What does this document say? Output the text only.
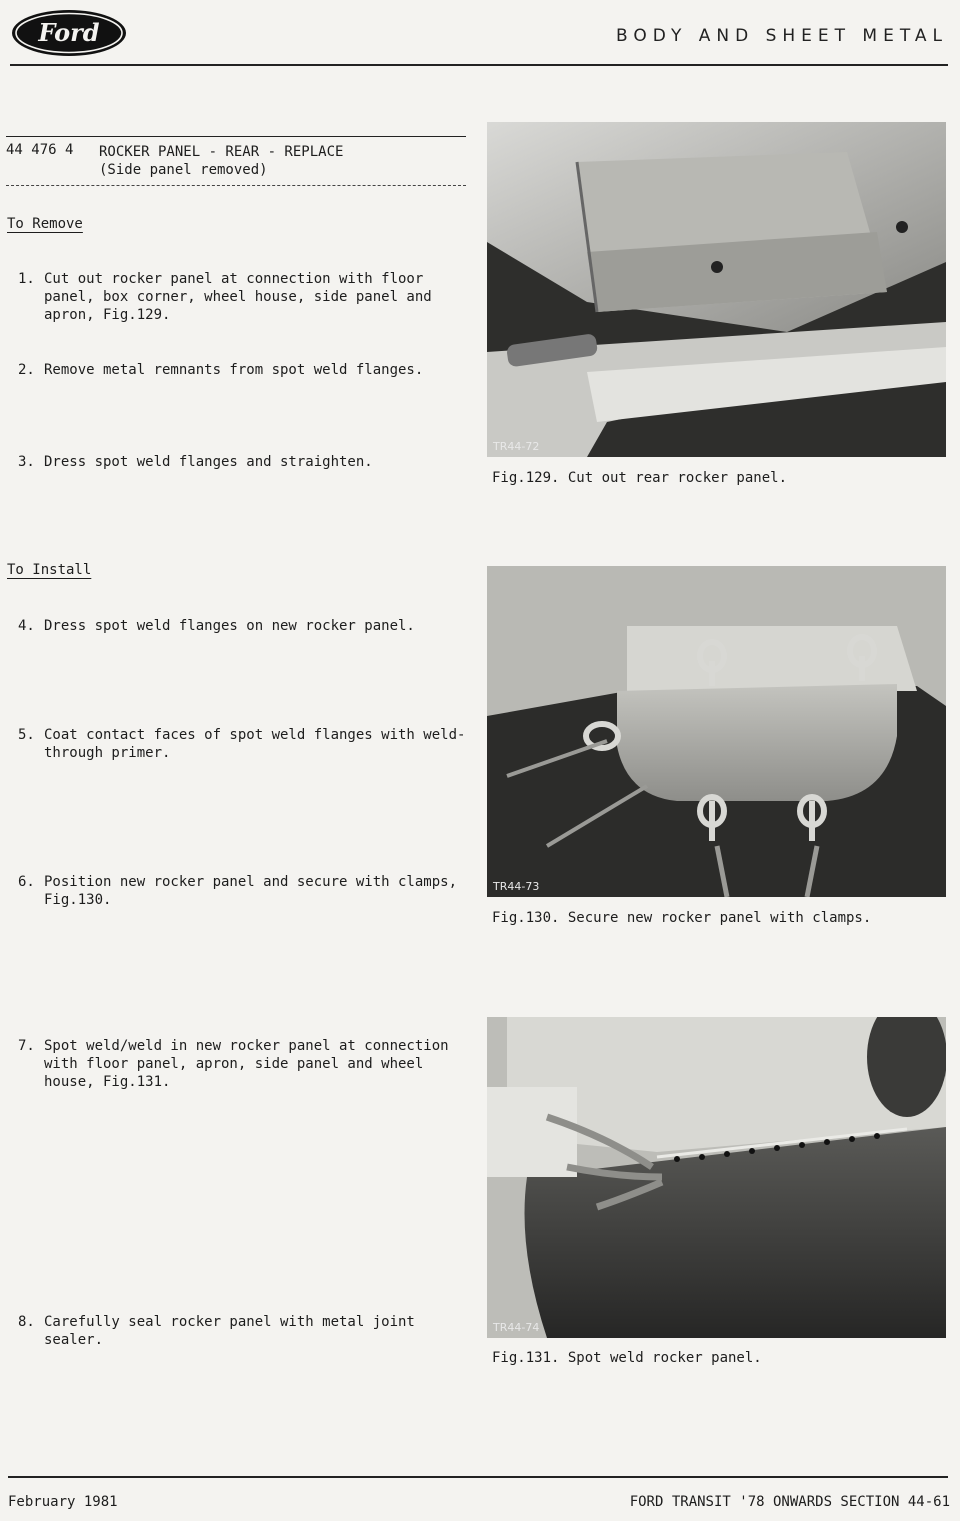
Ford	BODY AND SHEET METAL
44 476 4 ROCKER PANEL - REAR - REPLACE
(Side panel removed)
To Remove
1. Cut out rocker panel at connection with floor panel, box corner, wheel house, side panel and apron, Fig.129.
2. Remove metal remnants from spot weld flanges.
3. Dress spot weld flanges and straighten.
To Install
4. Dress spot weld flanges on new rocker panel.
5. Coat contact faces of spot weld flanges with weld-through primer.
6. Position new rocker panel and secure with clamps, Fig.130.
7. Spot weld/weld in new rocker panel at connection with floor panel, apron, side panel and wheel house, Fig.131.
8. Carefully seal rocker panel with metal joint sealer.
TR44-72
Fig.129. Cut out rear rocker panel.
TR44-73
Fig.130. Secure new rocker panel with clamps.
TR44-74
Fig.131. Spot weld rocker panel.
February 1981	FORD TRANSIT '78 ONWARDS SECTION 44-61
